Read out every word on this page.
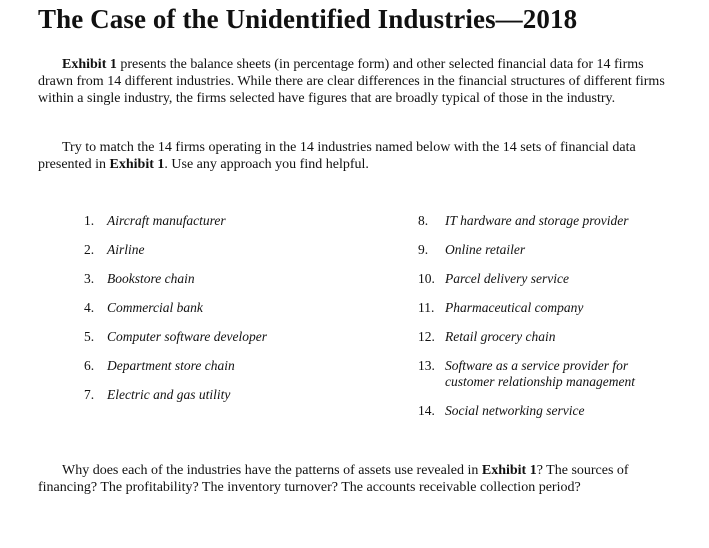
The Case of the Unidentified Industries—2018

Exhibit 1 presents the balance sheets (in percentage form) and other selected financial data for 14 firms drawn from 14 different industries. While there are clear differences in the financial structures of different firms within a single industry, the firms selected have figures that are broadly typical of those in the industry.

Try to match the 14 firms operating in the 14 industries named below with the 14 sets of financial data presented in Exhibit 1. Use any approach you find helpful.

1. Aircraft manufacturer
2. Airline
3. Bookstore chain
4. Commercial bank
5. Computer software developer
6. Department store chain
7. Electric and gas utility
8.	IT hardware and storage provider
9.	Online retailer
10. Parcel delivery service
11. Pharmaceutical company
12. Retail grocery chain
13. Software as a service provider for customer relationship management
14. Social networking service

Why does each of the industries have the patterns of assets use revealed in Exhibit 1? The sources of financing? The profitability? The inventory turnover? The accounts receivable collection period?
